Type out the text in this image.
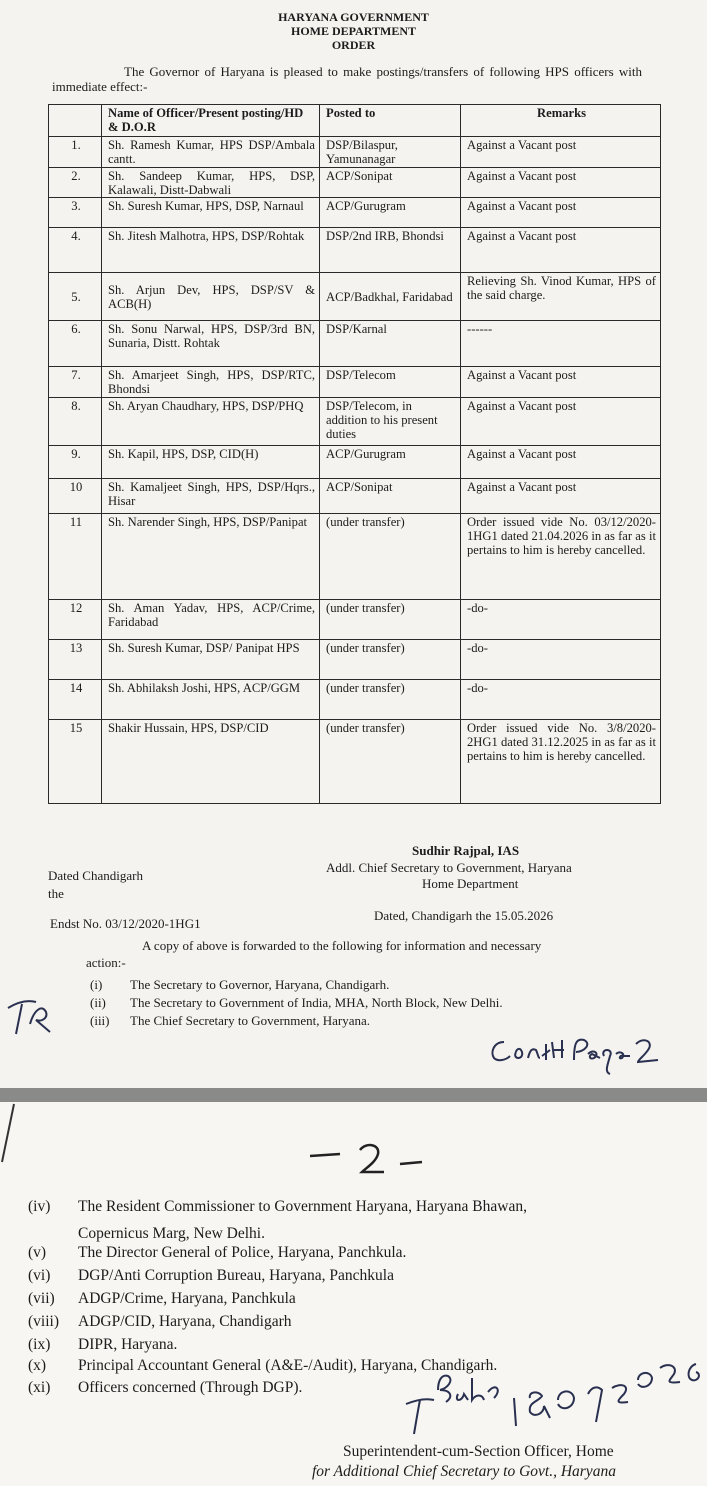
HARYANA GOVERNMENT
HOME DEPARTMENT
ORDER
The Governor of Haryana is pleased to make postings/transfers of following HPS officers with immediate effect:-
	Name of Officer/Present posting/HD & D.O.R	Posted to	Remarks
1.	Sh. Ramesh Kumar, HPS DSP/Ambala cantt.	DSP/Bilaspur, Yamunanagar	Against a Vacant post
2.	Sh. Sandeep Kumar, HPS, DSP, Kalawali, Distt-Dabwali	ACP/Sonipat	Against a Vacant post
3.	Sh. Suresh Kumar, HPS, DSP, Narnaul	ACP/Gurugram	Against a Vacant post
4.	Sh. Jitesh Malhotra, HPS, DSP/Rohtak	DSP/2nd IRB, Bhondsi	Against a Vacant post
5.	Sh. Arjun Dev, HPS, DSP/SV & ACB(H)	ACP/Badkhal, Faridabad	Relieving Sh. Vinod Kumar, HPS of the said charge.
6.	Sh. Sonu Narwal, HPS, DSP/3rd BN, Sunaria, Distt. Rohtak	DSP/Karnal	------
7.	Sh. Amarjeet Singh, HPS, DSP/RTC, Bhondsi	DSP/Telecom	Against a Vacant post
8.	Sh. Aryan Chaudhary, HPS, DSP/PHQ	DSP/Telecom, in addition to his present duties	Against a Vacant post
9.	Sh. Kapil, HPS, DSP, CID(H)	ACP/Gurugram	Against a Vacant post
10	Sh. Kamaljeet Singh, HPS, DSP/Hqrs., Hisar	ACP/Sonipat	Against a Vacant post
11	Sh. Narender Singh, HPS, DSP/Panipat	(under transfer)	Order issued vide No. 03/12/2020-1HG1 dated 21.04.2026 in as far as it pertains to him is hereby cancelled.
12	Sh. Aman Yadav, HPS, ACP/Crime, Faridabad	(under transfer)	-do-
13	Sh. Suresh Kumar, DSP/ Panipat HPS	(under transfer)	-do-
14	Sh. Abhilaksh Joshi, HPS, ACP/GGM	(under transfer)	-do-
15	Shakir Hussain, HPS, DSP/CID	(under transfer)	Order issued vide No. 3/8/2020-2HG1 dated 31.12.2025 in as far as it pertains to him is hereby cancelled.
Sudhir Rajpal, IAS
Addl. Chief Secretary to Government, Haryana
Home Department
Dated Chandigarh
the
Endst No. 03/12/2020-1HG1
Dated, Chandigarh the 15.05.2026
A copy of above is forwarded to the following for information and necessary
action:-
(i) The Secretary to Governor, Haryana, Chandigarh.
(ii) The Secretary to Government of India, MHA, North Block, New Delhi.
(iii) The Chief Secretary to Government, Haryana.
(iv) The Resident Commissioner to Government Haryana, Haryana Bhawan,
Copernicus Marg, New Delhi.
(v) The Director General of Police, Haryana, Panchkula.
(vi) DGP/Anti Corruption Bureau, Haryana, Panchkula
(vii) ADGP/Crime, Haryana, Panchkula
(viii) ADGP/CID, Haryana, Chandigarh
(ix) DIPR, Haryana.
(x) Principal Accountant General (A&E-/Audit), Haryana, Chandigarh.
(xi) Officers concerned (Through DGP).
Superintendent-cum-Section Officer, Home
for Additional Chief Secretary to Govt., Haryana
